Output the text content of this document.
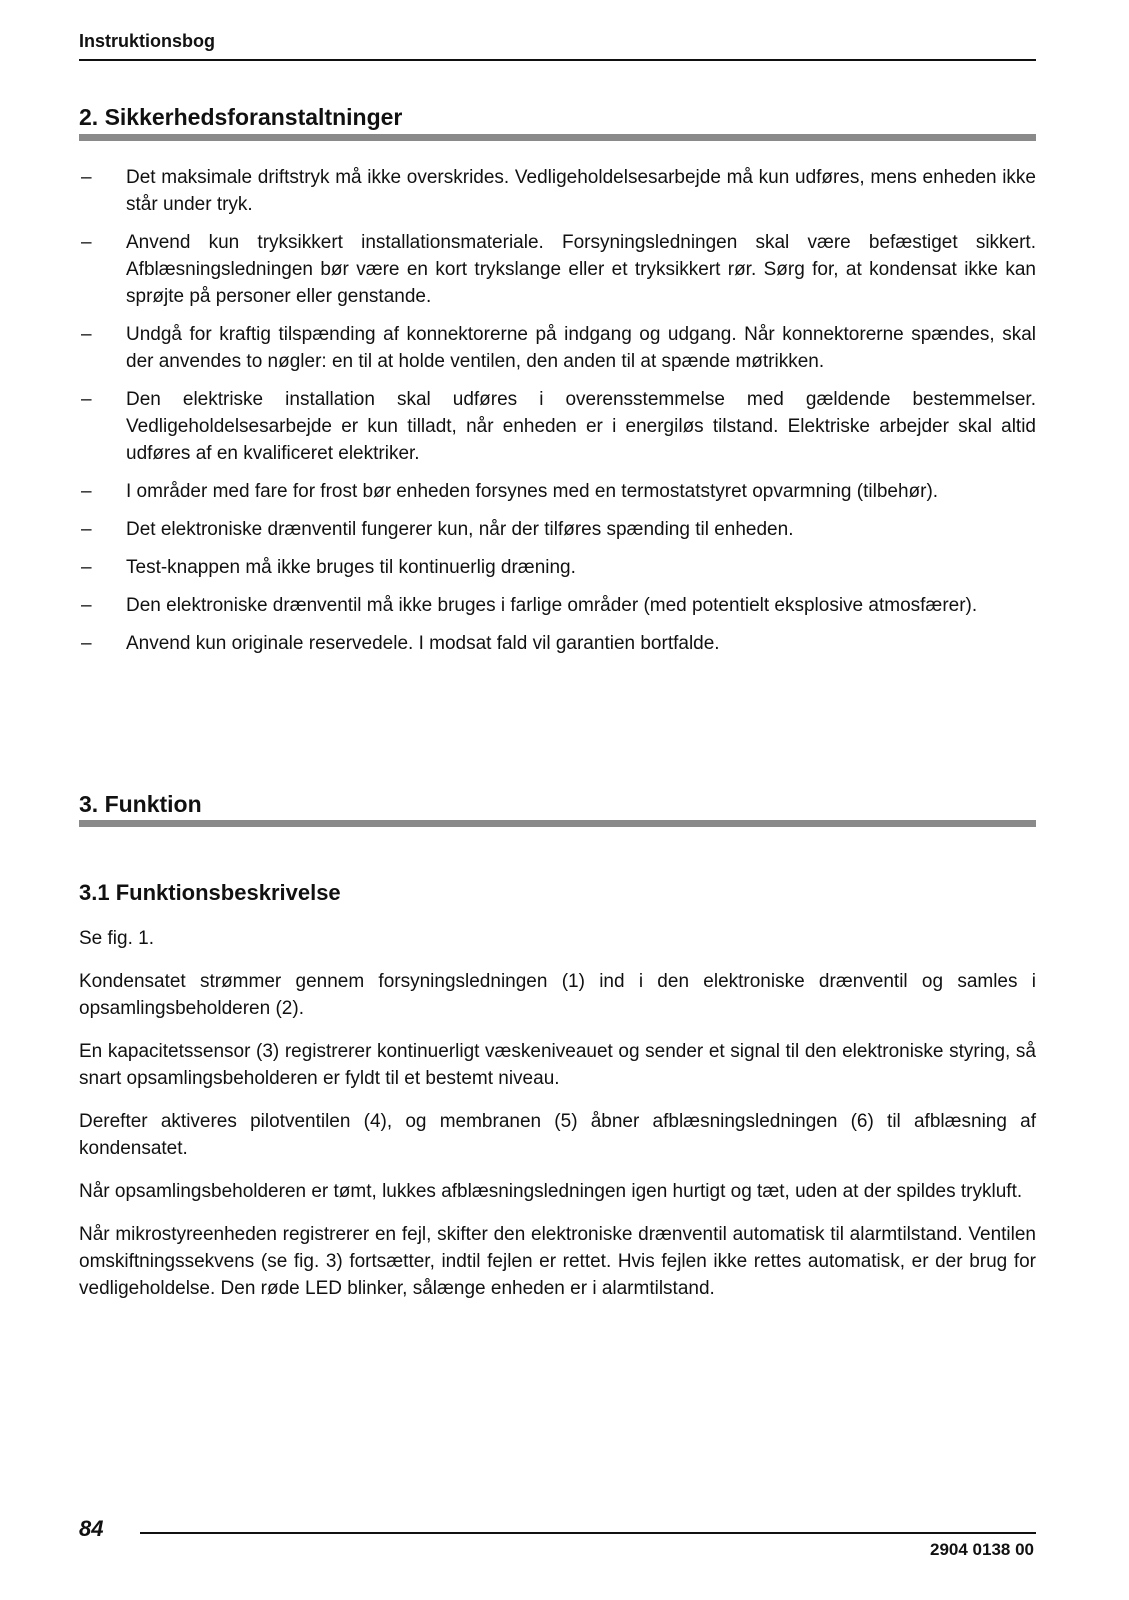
Instruktionsbog
2. Sikkerhedsforanstaltninger
– Det maksimale driftstryk må ikke overskrides. Vedligeholdelsesarbejde må kun udføres, mens enheden ikke står under tryk.
– Anvend kun tryksikkert installationsmateriale. Forsyningsledningen skal være befæstiget sikkert. Afblæsningsledningen bør være en kort trykslange eller et tryksikkert rør. Sørg for, at kondensat ikke kan sprøjte på personer eller genstande.
– Undgå for kraftig tilspænding af konnektorerne på indgang og udgang. Når konnektorerne spændes, skal der anvendes to nøgler: en til at holde ventilen, den anden til at spænde møtrikken.
– Den elektriske installation skal udføres i overensstemmelse med gældende bestemmelser. Vedligeholdelsesarbejde er kun tilladt, når enheden er i energiløs tilstand. Elektriske arbejder skal altid udføres af en kvalificeret elektriker.
– I områder med fare for frost bør enheden forsynes med en termostatstyret opvarmning (tilbehør).
– Det elektroniske drænventil fungerer kun, når der tilføres spænding til enheden.
– Test-knappen må ikke bruges til kontinuerlig dræning.
– Den elektroniske drænventil må ikke bruges i farlige områder (med potentielt eksplosive atmosfærer).
– Anvend kun originale reservedele. I modsat fald vil garantien bortfalde.
3. Funktion
3.1 Funktionsbeskrivelse

Se fig. 1.

Kondensatet strømmer gennem forsyningsledningen (1) ind i den elektroniske drænventil og samles i opsamlingsbeholderen (2).

En kapacitetssensor (3) registrerer kontinuerligt væskeniveauet og sender et signal til den elektroniske styring, så snart opsamlingsbeholderen er fyldt til et bestemt niveau.

Derefter aktiveres pilotventilen (4), og membranen (5) åbner afblæsningsledningen (6) til afblæsning af kondensatet.

Når opsamlingsbeholderen er tømt, lukkes afblæsningsledningen igen hurtigt og tæt, uden at der spildes trykluft.

Når mikrostyreenheden registrerer en fejl, skifter den elektroniske drænventil automatisk til alarmtilstand. Ventilen omskiftningssekvens (se fig. 3) fortsætter, indtil fejlen er rettet. Hvis fejlen ikke rettes automatisk, er der brug for vedligeholdelse. Den røde LED blinker, sålænge enheden er i alarmtilstand.

84
2904 0138 00
